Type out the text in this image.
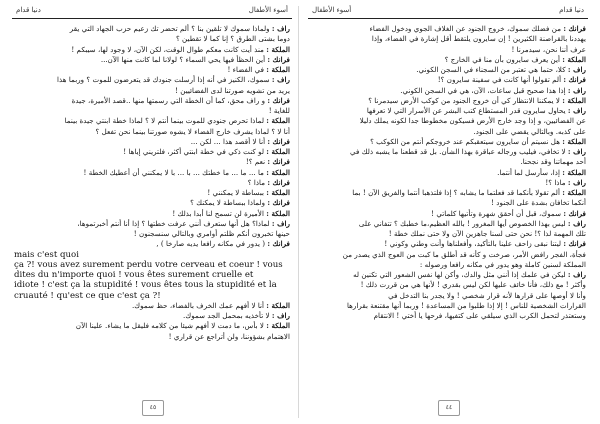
دنيا قدام	أسوء الأطفال
راف : ولماذا سموك لا تلقين بنا ؟ ألم تحضر تك زعيم حزب الجهاد التي يقر
دوما بشتى الطرق ؟ إنا كما لا تقطين ؟
الملكة : منذ أيت كانت معكم طوال الوقت، لكن الآن، لا وجود لها، سيبكم !
فرانك : أين الحظأ فيها يحي السماء ؟ لولانا لما كانت منها الآن...
الملكة : في الفضاء !
راف : سموك، الكنيز في أنه إذا أرسلت جنودك قد يتعرضون للموت ؟ وربما هذا
يريد من تشويه صورتنا لدى الفضائيين !
فرانك : و راف محق، كما أن الخطة التي رسمتها منها ..قصد الأميرة، جيدة
للغاية !
الملكة : لماذا تحرص جنودي للموت بينما أنتم لا ؟ لماذا خطة ابنتي جيدة بينما
أنا لا ؟ لماذا يشرف خارج الفضاء لا يشوه صورتنا بينما نحن تفعل ؟
فرانك : أنا لا أقصد هذا ... لكن ...
الملكة : لو كنت ذكي في خطة ابنتي أكثر، فلتريني إياها !
فرانك : نعم ؟!
الملكة : ما ... ما ... ما خطتك ... با ... با لا يمكنني أن أعطيك الخطة !
فرانك : ماذا ؟
الملكة : ببساطة لا يمكنني !
فرانك : ولماذا ببساطة لا يمكنك ؟
الملكة : الأميرة لن تسمح لنا أبدا بذلك !
راف : لماذا؟ هل أنها ستعرف أنني عرفت خطتها ؟ إذا أنا أنتم أخبرتموها،
حينها تخبرون أنكم ظلتم أوامري وبالتالي سنسجنون !
فرانك : ( يدور في مكانه رافعا يديه صارخا ) ,
mais c'est quoi
ça ?! vous avez surement perdu votre cerveau et coeur ! vous
dites du n'importe quoi ! vous êtes surement cruelle et
idiote ! c'est ça la stupidité ! vous êtes tous la stupidité et la
cruauté ! qu'est ce que c'est ça ?!
الملكة : أنا لا أفهم عمك الخرف بالفضاء، حظ سموك.
راف : لا تأخذيه بمحمل الجد سموك.
الملكة : لا بأس، ما دمت لا أفهم شيئا من كلامه فليقل ما يشاء. علينا الآن
الاهتمام بشؤوننا، ولن أتراجع عن قراري !
٤٥
أسوء الأطفال	دنيا قدام
فرانك : من فضلك سموك، خروج الجنود عن الغلاف الجوي ودخول الفضاء
يهددنا بالقراصنة الكثيرين ! إن سايرون يلتقط أقل إشارة في الفضاء، وإذا
عرف أننا نحن، سيدمرنا !
الملكة : أين يعرف سايرون بأن منا في الخارج ؟
راف : كلا، حتما هي تعتبر من السجناء في السجن الكوني.
فرانك : ألم تقولوا أنها كانت في سفينة سايرون ؟!
راف : إذا هذا صحيح قبل ساعات، الآن، هي في السجن الكوني.
الملكة : لا يمكننا الانتظار كي أن خروج الجنود من كوكب الأرض سيدمرنا ؟
راف : يحاول سايرون قدر المستطاع كتب البشر عن الأسرار التي لا تعرفها
عن الفضائيين، و إذا وجد خارج الأرض فسيكون مخطوطا جدا لكونه يملك دليلا
على كذبه. وبالتالي يقضي على الجنود.
الملكة : هل نسيتم أن سايرون سيتعقبكم عند خروجكم أنتم من الكوكب ؟
راف : لا تخافي، فيليب ورجاله عباقرة بهذا الشأن. بل قد قطعنا ما يشبه ذلك في
أحد مهماتنا وقد نجحنا.
الملكة : إذا، سأرسل لما أنتما.
راف : ماذا ؟!
الملكة : ألم تقولا بأنكما قد فعلتما ما يشابه ؟ إذا فلتذهبا أنتما والفريق الآن ! بما
أنكما تخافان بشدة على الجنود !
فرانك : سموك، قبل أن أحقق شهرة وتأتيها كلماتي !
راف : ليس بهذا الخصوص أيها المغرور ! بالله العظيم،ما خطبك ؟ تتفاني على
تلك المهمة لذا ؟! نحن حتى لسنا جاهزين الآن ولا حتى نملك خطة !
فرانك : ليتنا نبقى زاحف علينا بالتأكيد، وأفعلناها وأنت وطني وكوني !
فجأة، الفجر رافض الأمر، صرخت و كأنه قد أطلق ما كبت من العوج الذي يصدر من
المملكة لسنين كاملة وهو يدور في مكانه رافعا ورصوله :
راف : ليكن في علمك إذا أنني مثل والدك، وأكن لها نفس الشعور التي تكنين له
وأكثر ! مع ذلك، فأنا خائف عليها لكن ليس بقدري ! لأنها هي من قررت ذلك !
وأنا لا أوصها على قرارها لأنه قرار شخصي ! ولا يجدر بنا التدخل في
القرارات الشخصية للناس ! إلا إذا طلبوا من المساعدة ! وربما أنها مقتنعة بقرارها
وستعتذر لتحمل الكرب الذي سيلقي على كتفيها، فرحها يا أختي ! الانتقام
٤٤
